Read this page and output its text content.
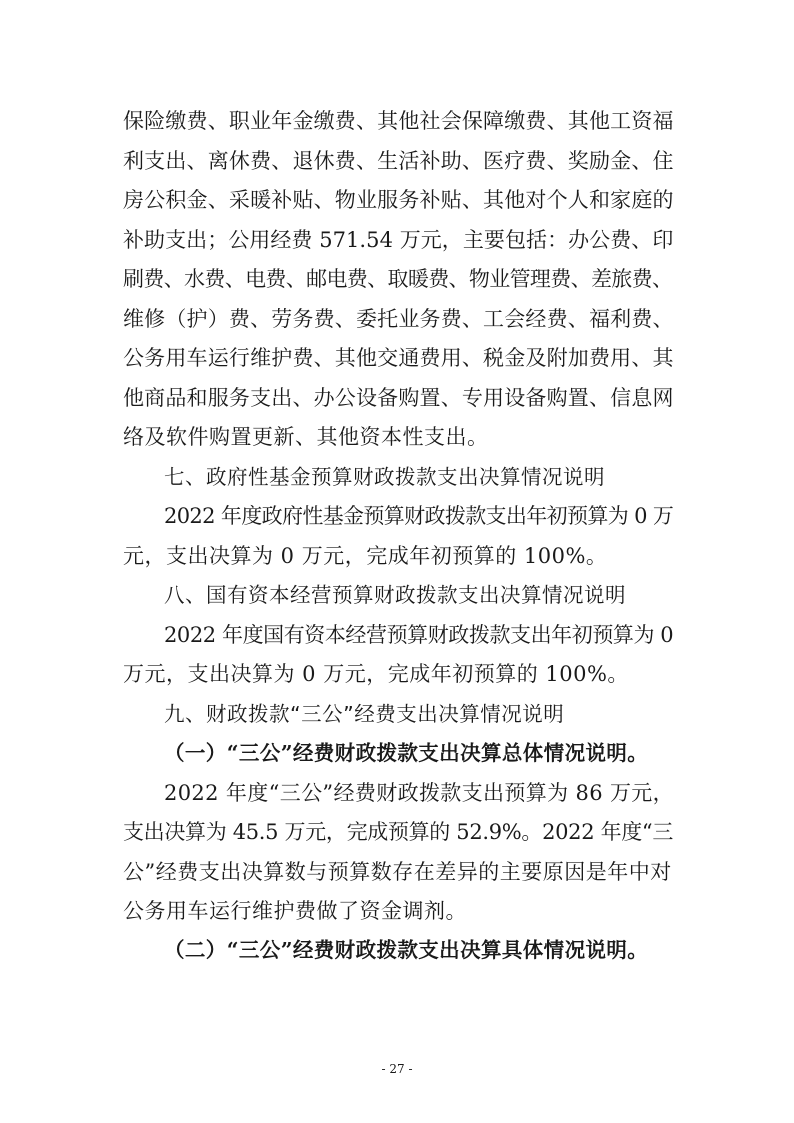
保险缴费、职业年金缴费、其他社会保障缴费、其他工资福
利支出、离休费、退休费、生活补助、医疗费、奖励金、住
房公积金、采暖补贴、物业服务补贴、其他对个人和家庭的
补助支出；公用经费 571.54 万元，主要包括：办公费、印
刷费、水费、电费、邮电费、取暖费、物业管理费、差旅费、
维修（护）费、劳务费、委托业务费、工会经费、福利费、
公务用车运行维护费、其他交通费用、税金及附加费用、其
他商品和服务支出、办公设备购置、专用设备购置、信息网
络及软件购置更新、其他资本性支出。
七、政府性基金预算财政拨款支出决算情况说明
2022 年度政府性基金预算财政拨款支出年初预算为 0 万
元，支出决算为 0 万元，完成年初预算的 100%。
八、国有资本经营预算财政拨款支出决算情况说明
2022 年度国有资本经营预算财政拨款支出年初预算为 0
万元，支出决算为 0 万元，完成年初预算的 100%。
九、财政拨款“三公”经费支出决算情况说明
（一）“三公”经费财政拨款支出决算总体情况说明。
2022 年度“三公”经费财政拨款支出预算为 86 万元，
支出决算为 45.5 万元，完成预算的 52.9%。2022 年度“三
公”经费支出决算数与预算数存在差异的主要原因是年中对
公务用车运行维护费做了资金调剂。
（二）“三公”经费财政拨款支出决算具体情况说明。
- 27 -
